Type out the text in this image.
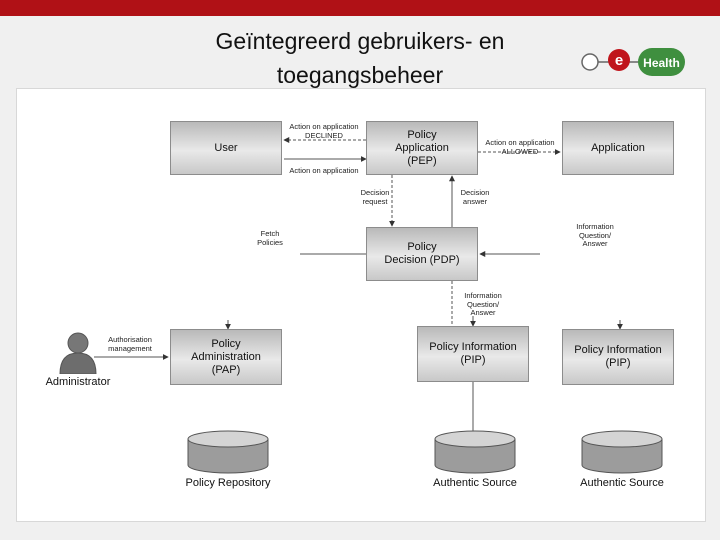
Geïntegreerd gebruikers- en
toegangsbeheer
e Health
User
Policy
Application
(PEP)
Application
Policy
Decision (PDP)
Policy
Administration
(PAP)
Policy Information
(PIP)
Policy Information
(PIP)
Action on application
DECLINED
Action on application
Action on application
ALLOWED
Decision
request
Decision
answer
Fetch
Policies
Information
Question/
Answer
Information
Question/
Answer
Authorisation
management
Administrator
Policy Repository	Authentic Source	Authentic Source
